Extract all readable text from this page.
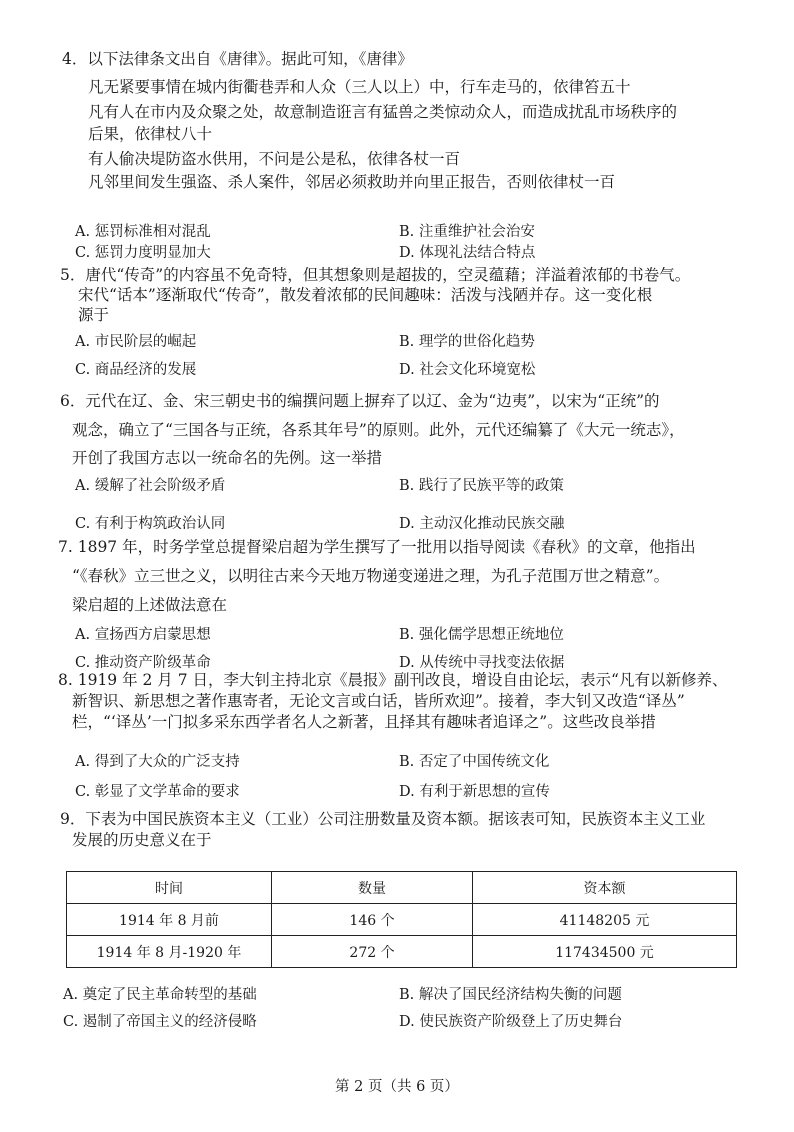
4．以下法律条文出自《唐律》。据此可知，《唐律》
凡无紧要事情在城内街衢巷弄和人众（三人以上）中，行车走马的，依律笞五十
凡有人在市内及众聚之处，故意制造诳言有猛兽之类惊动众人，而造成扰乱市场秩序的
后果，依律杖八十
有人偷决堤防盗水供用，不问是公是私，依律各杖一百
凡邻里间发生强盗、杀人案件，邻居必须救助并向里正报告，否则依律杖一百
A. 惩罚标准相对混乱	B. 注重维护社会治安
C. 惩罚力度明显加大	D. 体现礼法结合特点
5．唐代“传奇”的内容虽不免奇特，但其想象则是超拔的，空灵蕴藉；洋溢着浓郁的书卷气。
宋代“话本”逐渐取代“传奇”，散发着浓郁的民间趣味：活泼与浅陋并存。这一变化根
源于
A. 市民阶层的崛起	B. 理学的世俗化趋势
C. 商品经济的发展	D. 社会文化环境宽松
6．元代在辽、金、宋三朝史书的编撰问题上摒弃了以辽、金为“边夷”，以宋为“正统”的
观念，确立了“三国各与正统，各系其年号”的原则。此外，元代还编纂了《大元一统志》，
开创了我国方志以一统命名的先例。这一举措
A. 缓解了社会阶级矛盾	B. 践行了民族平等的政策
C. 有利于构筑政治认同	D. 主动汉化推动民族交融
7. 1897 年，时务学堂总提督梁启超为学生撰写了一批用以指导阅读《春秋》的文章，他指出
“《春秋》立三世之义，以明往古来今天地万物递变递进之理，为孔子范围万世之精意”。
梁启超的上述做法意在
A. 宣扬西方启蒙思想	B. 强化儒学思想正统地位
C. 推动资产阶级革命	D. 从传统中寻找变法依据
8. 1919 年 2 月 7 日，李大钊主持北京《晨报》副刊改良，增设自由论坛，表示“凡有以新修养、
新智识、新思想之著作惠寄者，无论文言或白话，皆所欢迎”。接着，李大钊又改造“译丛”
栏，“‘译丛’一门拟多采东西学者名人之新著，且择其有趣味者追译之”。这些改良举措
A. 得到了大众的广泛支持	B. 否定了中国传统文化
C. 彰显了文学革命的要求	D. 有利于新思想的宣传
9．下表为中国民族资本主义（工业）公司注册数量及资本额。据该表可知，民族资本主义工业
发展的历史意义在于
时间	数量	资本额
1914 年 8 月前	146 个	41148205 元
1914 年 8 月-1920 年	272 个	117434500 元
A. 奠定了民主革命转型的基础	B. 解决了国民经济结构失衡的问题
C. 遏制了帝国主义的经济侵略	D. 使民族资产阶级登上了历史舞台
第 2 页（共 6 页）
